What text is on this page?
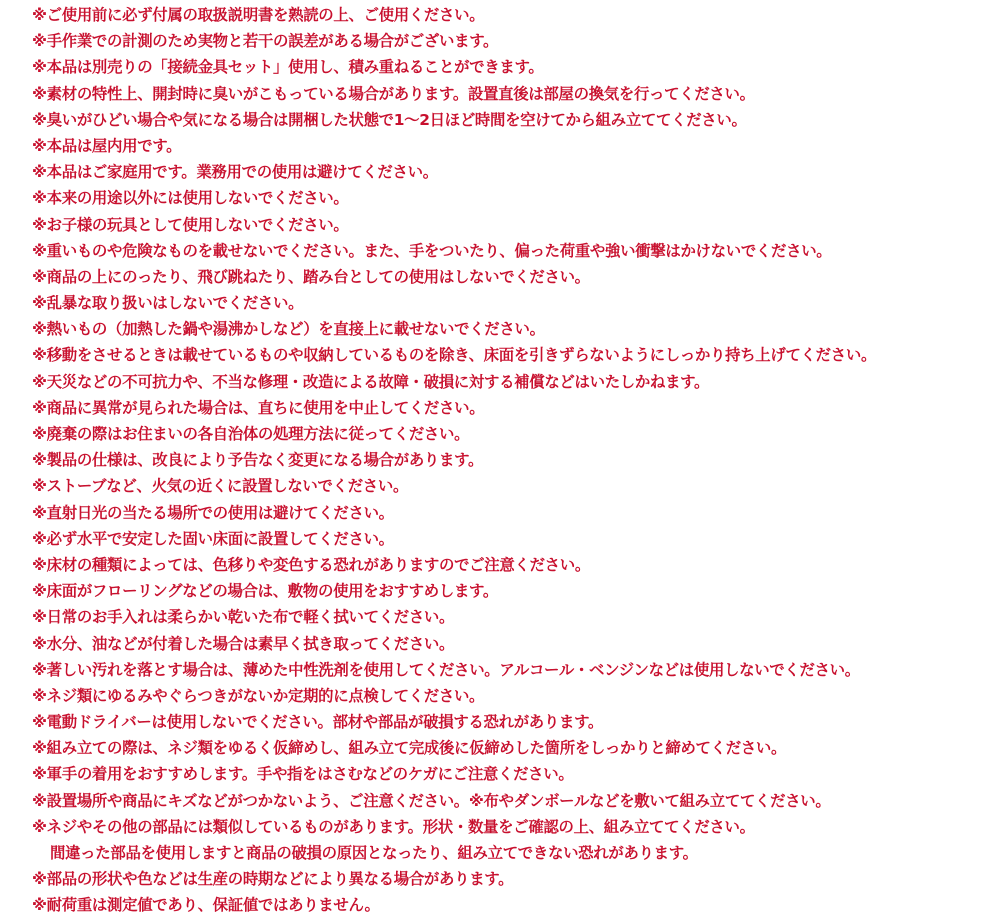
※ご使用前に必ず付属の取扱説明書を熟読の上、ご使用ください。
※手作業での計測のため実物と若干の誤差がある場合がございます。
※本品は別売りの「接続金具セット」使用し、積み重ねることができます。
※素材の特性上、開封時に臭いがこもっている場合があります。設置直後は部屋の換気を行ってください。
※臭いがひどい場合や気になる場合は開梱した状態で1～2日ほど時間を空けてから組み立ててください。
※本品は屋内用です。
※本品はご家庭用です。業務用での使用は避けてください。
※本来の用途以外には使用しないでください。
※お子様の玩具として使用しないでください。
※重いものや危険なものを載せないでください。また、手をついたり、偏った荷重や強い衝撃はかけないでください。
※商品の上にのったり、飛び跳ねたり、踏み台としての使用はしないでください。
※乱暴な取り扱いはしないでください。
※熱いもの（加熱した鍋や湯沸かしなど）を直接上に載せないでください。
※移動をさせるときは載せているものや収納しているものを除き、床面を引きずらないようにしっかり持ち上げてください。
※天災などの不可抗力や、不当な修理・改造による故障・破損に対する補償などはいたしかねます。
※商品に異常が見られた場合は、直ちに使用を中止してください。
※廃棄の際はお住まいの各自治体の処理方法に従ってください。
※製品の仕様は、改良により予告なく変更になる場合があります。
※ストーブなど、火気の近くに設置しないでください。
※直射日光の当たる場所での使用は避けてください。
※必ず水平で安定した固い床面に設置してください。
※床材の種類によっては、色移りや変色する恐れがありますのでご注意ください。
※床面がフローリングなどの場合は、敷物の使用をおすすめします。
※日常のお手入れは柔らかい乾いた布で軽く拭いてください。
※水分、油などが付着した場合は素早く拭き取ってください。
※著しい汚れを落とす場合は、薄めた中性洗剤を使用してください。アルコール・ベンジンなどは使用しないでください。
※ネジ類にゆるみやぐらつきがないか定期的に点検してください。
※電動ドライバーは使用しないでください。部材や部品が破損する恐れがあります。
※組み立ての際は、ネジ類をゆるく仮締めし、組み立て完成後に仮締めした箇所をしっかりと締めてください。
※軍手の着用をおすすめします。手や指をはさむなどのケガにご注意ください。
※設置場所や商品にキズなどがつかないよう、ご注意ください。※布やダンボールなどを敷いて組み立ててください。
※ネジやその他の部品には類似しているものがあります。形状・数量をご確認の上、組み立ててください。
間違った部品を使用しますと商品の破損の原因となったり、組み立てできない恐れがあります。
※部品の形状や色などは生産の時期などにより異なる場合があります。
※耐荷重は測定値であり、保証値ではありません。
